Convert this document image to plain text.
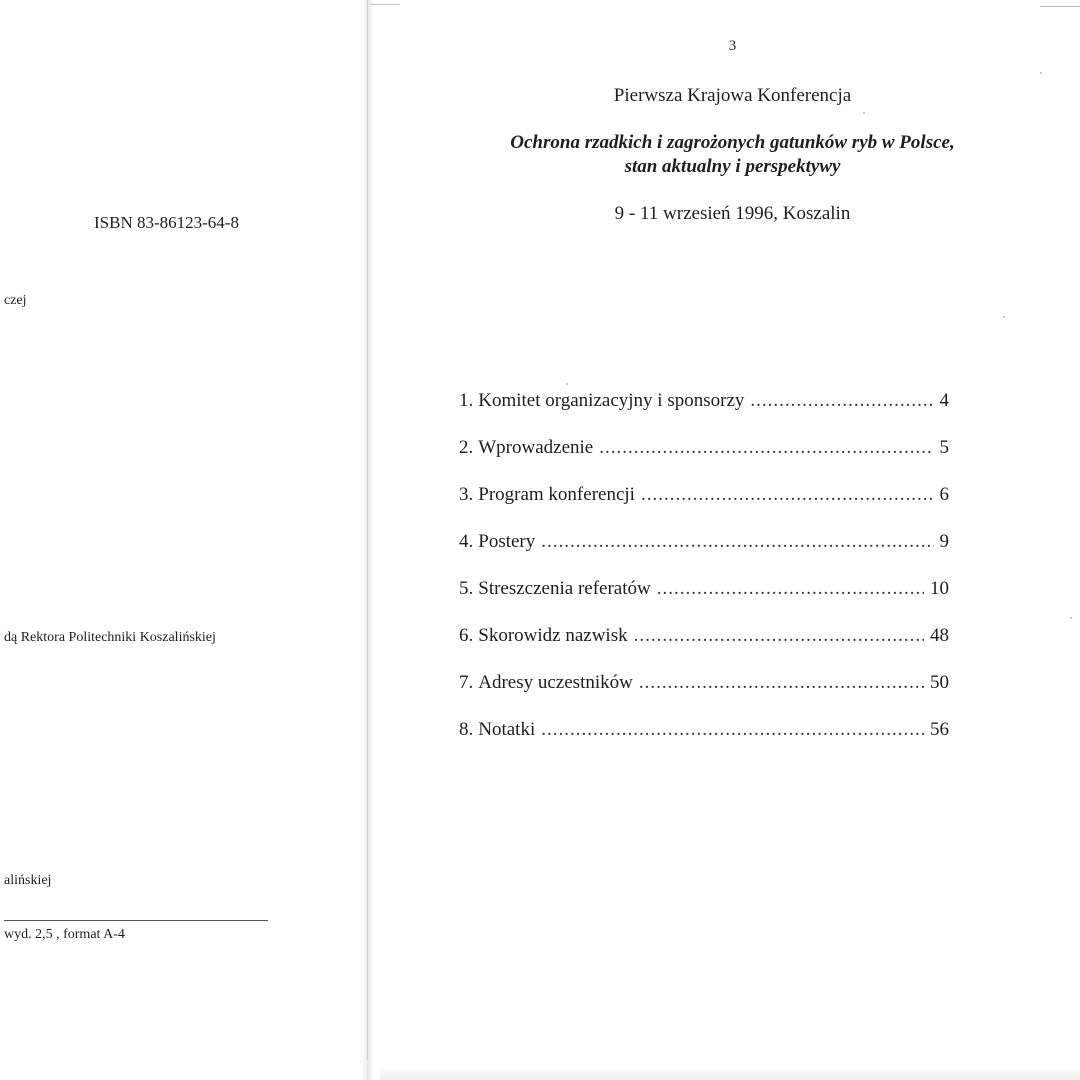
ISBN 83-86123-64-8
czej
dą Rektora Politechniki Koszalińskiej
alińskiej
wyd. 2,5 , format A-4
3
Pierwsza Krajowa Konferencja
Ochrona rzadkich i zagrożonych gatunków ryb w Polsce,
stan aktualny i perspektywy
9 - 11 wrzesień 1996, Koszalin
1. Komitet organizacyjny i sponsorzy .....	4
2. Wprowadzenie .....	5
3. Program konferencji .....	6
4. Postery .....	9
5. Streszczenia referatów .....	10
6. Skorowidz nazwisk .....	48
7. Adresy uczestników .....	50
8. Notatki .....	56
